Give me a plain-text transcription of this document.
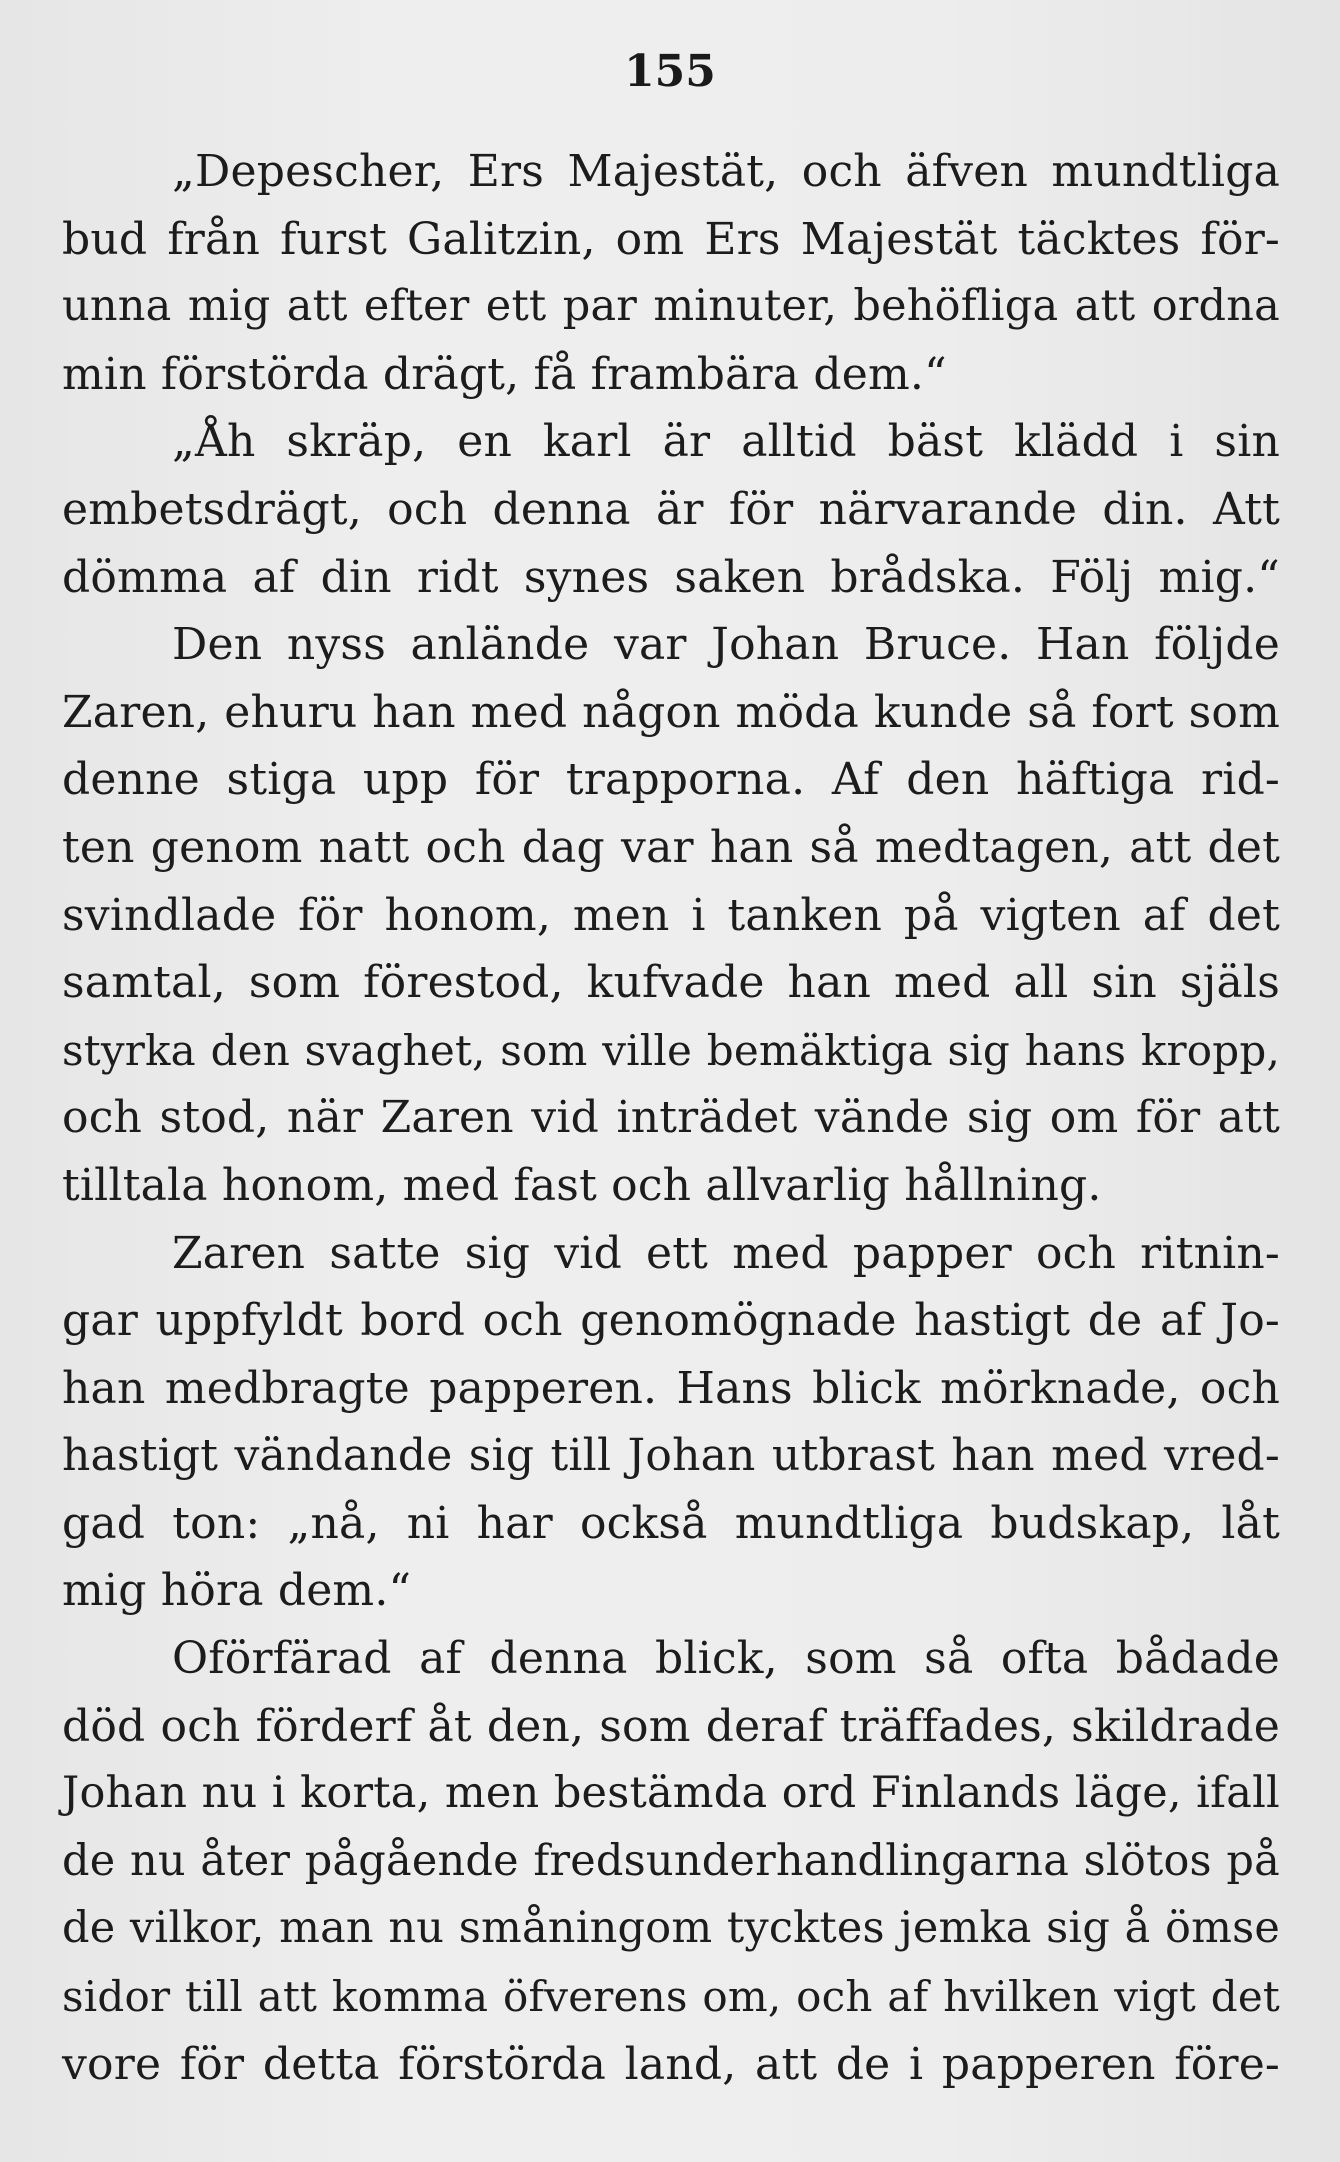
155
„Depescher, Ers Majestät, och äfven mundtliga
bud från furst Galitzin, om Ers Majestät täcktes för-
unna mig att efter ett par minuter, behöfliga att ordna
min förstörda drägt, få frambära dem.“
„Åh skräp, en karl är alltid bäst klädd i sin
embetsdrägt, och denna är för närvarande din. Att
dömma af din ridt synes saken brådska. Följ mig.“
Den nyss anlände var Johan Bruce. Han följde
Zaren, ehuru han med någon möda kunde så fort som
denne stiga upp för trapporna. Af den häftiga rid-
ten genom natt och dag var han så medtagen, att det
svindlade för honom, men i tanken på vigten af det
samtal, som förestod, kufvade han med all sin själs
styrka den svaghet, som ville bemäktiga sig hans kropp,
och stod, när Zaren vid inträdet vände sig om för att
tilltala honom, med fast och allvarlig hållning.
Zaren satte sig vid ett med papper och ritnin-
gar uppfyldt bord och genomögnade hastigt de af Jo-
han medbragte papperen. Hans blick mörknade, och
hastigt vändande sig till Johan utbrast han med vred-
gad ton: „nå, ni har också mundtliga budskap, låt
mig höra dem.“
Oförfärad af denna blick, som så ofta bådade
död och förderf åt den, som deraf träffades, skildrade
Johan nu i korta, men bestämda ord Finlands läge, ifall
de nu åter pågående fredsunderhandlingarna slötos på
de vilkor, man nu småningom tycktes jemka sig å ömse
sidor till att komma öfverens om, och af hvilken vigt det
vore för detta förstörda land, att de i papperen före-
